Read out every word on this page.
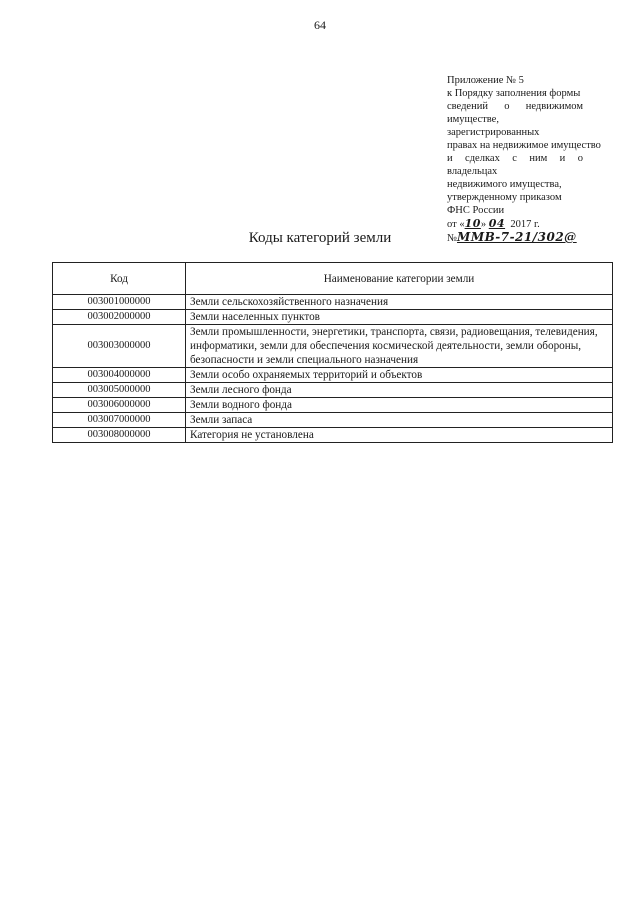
64
Приложение № 5
к Порядку заполнения формы
сведений о недвижимом
имуществе, зарегистрированных
правах на недвижимое имущество
и сделках с ним и о владельцах
недвижимого имущества,
утвержденному приказом
ФНС России
от «10» 04 2017 г.
№ММВ-7-21/302@
Коды категорий земли
Код	Наименование категории земли
003001000000	Земли сельскохозяйственного назначения
003002000000	Земли населенных пунктов
003003000000	Земли промышленности, энергетики, транспорта, связи, радиовещания, телевидения, информатики, земли для обеспечения космической деятельности, земли обороны, безопасности и земли специального назначения
003004000000	Земли особо охраняемых территорий и объектов
003005000000	Земли лесного фонда
003006000000	Земли водного фонда
003007000000	Земли запаса
003008000000	Категория не установлена
